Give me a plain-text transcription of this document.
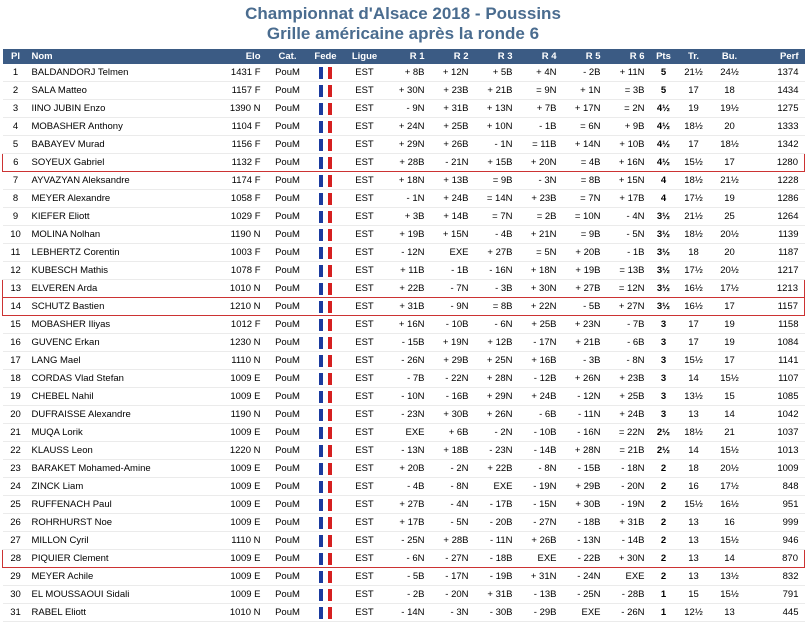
Championnat d'Alsace 2018 - Poussins
Grille américaine après la ronde 6
Pl	Nom	Elo	Cat.	Fede	Ligue	R 1	R 2	R 3	R 4	R 5	R 6	Pts	Tr.	Bu.	Perf
1	BALDANDORJ Telmen	1431 F	PouM		EST	+ 8B	+ 12N	+ 5B	+ 4N	- 2B	+ 11N	5	21½	24½	1374
2	SALA Matteo	1157 F	PouM		EST	+ 30N	+ 23B	+ 21B	= 9N	+ 1N	= 3B	5	17	18	1434
3	IINO JUBIN Enzo	1390 N	PouM		EST	- 9N	+ 31B	+ 13N	+ 7B	+ 17N	= 2N	4½	19	19½	1275
4	MOBASHER Anthony	1104 F	PouM		EST	+ 24N	+ 25B	+ 10N	- 1B	= 6N	+ 9B	4½	18½	20	1333
5	BABAYEV Murad	1156 F	PouM		EST	+ 29N	+ 26B	- 1N	= 11B	+ 14N	+ 10B	4½	17	18½	1342
6	SOYEUX Gabriel	1132 F	PouM		EST	+ 28B	- 21N	+ 15B	+ 20N	= 4B	+ 16N	4½	15½	17	1280
7	AYVAZYAN Aleksandre	1174 F	PouM		EST	+ 18N	+ 13B	= 9B	- 3N	= 8B	+ 15N	4	18½	21½	1228
8	MEYER Alexandre	1058 F	PouM		EST	- 1N	+ 24B	= 14N	+ 23B	= 7N	+ 17B	4	17½	19	1286
9	KIEFER Eliott	1029 F	PouM		EST	+ 3B	+ 14B	= 7N	= 2B	= 10N	- 4N	3½	21½	25	1264
10	MOLINA Nolhan	1190 N	PouM		EST	+ 19B	+ 15N	- 4B	+ 21N	= 9B	- 5N	3½	18½	20½	1139
11	LEBHERTZ Corentin	1003 F	PouM		EST	- 12N	EXE	+ 27B	= 5N	+ 20B	- 1B	3½	18	20	1187
12	KUBESCH Mathis	1078 F	PouM		EST	+ 11B	- 1B	- 16N	+ 18N	+ 19B	= 13B	3½	17½	20½	1217
13	ELVEREN Arda	1010 N	PouM		EST	+ 22B	- 7N	- 3B	+ 30N	+ 27B	= 12N	3½	16½	17½	1213
14	SCHUTZ Bastien	1210 N	PouM		EST	+ 31B	- 9N	= 8B	+ 22N	- 5B	+ 27N	3½	16½	17	1157
15	MOBASHER Iliyas	1012 F	PouM		EST	+ 16N	- 10B	- 6N	+ 25B	+ 23N	- 7B	3	17	19	1158
16	GUVENC Erkan	1230 N	PouM		EST	- 15B	+ 19N	+ 12B	- 17N	+ 21B	- 6B	3	17	19	1084
17	LANG Mael	1110 N	PouM		EST	- 26N	+ 29B	+ 25N	+ 16B	- 3B	- 8N	3	15½	17	1141
18	CORDAS Vlad Stefan	1009 E	PouM		EST	- 7B	- 22N	+ 28N	- 12B	+ 26N	+ 23B	3	14	15½	1107
19	CHEBEL Nahil	1009 E	PouM		EST	- 10N	- 16B	+ 29N	+ 24B	- 12N	+ 25B	3	13½	15	1085
20	DUFRAISSE Alexandre	1190 N	PouM		EST	- 23N	+ 30B	+ 26N	- 6B	- 11N	+ 24B	3	13	14	1042
21	MUQA Lorik	1009 E	PouM		EST	EXE	+ 6B	- 2N	- 10B	- 16N	= 22N	2½	18½	21	1037
22	KLAUSS Leon	1220 N	PouM		EST	- 13N	+ 18B	- 23N	- 14B	+ 28N	= 21B	2½	14	15½	1013
23	BARAKET Mohamed-Amine	1009 E	PouM		EST	+ 20B	- 2N	+ 22B	- 8N	- 15B	- 18N	2	18	20½	1009
24	ZINCK Liam	1009 E	PouM		EST	- 4B	- 8N	EXE	- 19N	+ 29B	- 20N	2	16	17½	848
25	RUFFENACH Paul	1009 E	PouM		EST	+ 27B	- 4N	- 17B	- 15N	+ 30B	- 19N	2	15½	16½	951
26	ROHRHURST Noe	1009 E	PouM		EST	+ 17B	- 5N	- 20B	- 27N	- 18B	+ 31B	2	13	16	999
27	MILLON Cyril	1110 N	PouM		EST	- 25N	+ 28B	- 11N	+ 26B	- 13N	- 14B	2	13	15½	946
28	PIQUIER Clement	1009 E	PouM		EST	- 6N	- 27N	- 18B	EXE	- 22B	+ 30N	2	13	14	870
29	MEYER Achile	1009 E	PouM		EST	- 5B	- 17N	- 19B	+ 31N	- 24N	EXE	2	13	13½	832
30	EL MOUSSAOUI Sidali	1009 E	PouM		EST	- 2B	- 20N	+ 31B	- 13B	- 25N	- 28B	1	15	15½	791
31	RABEL Eliott	1010 N	PouM		EST	- 14N	- 3N	- 30B	- 29B	EXE	- 26N	1	12½	13	445
